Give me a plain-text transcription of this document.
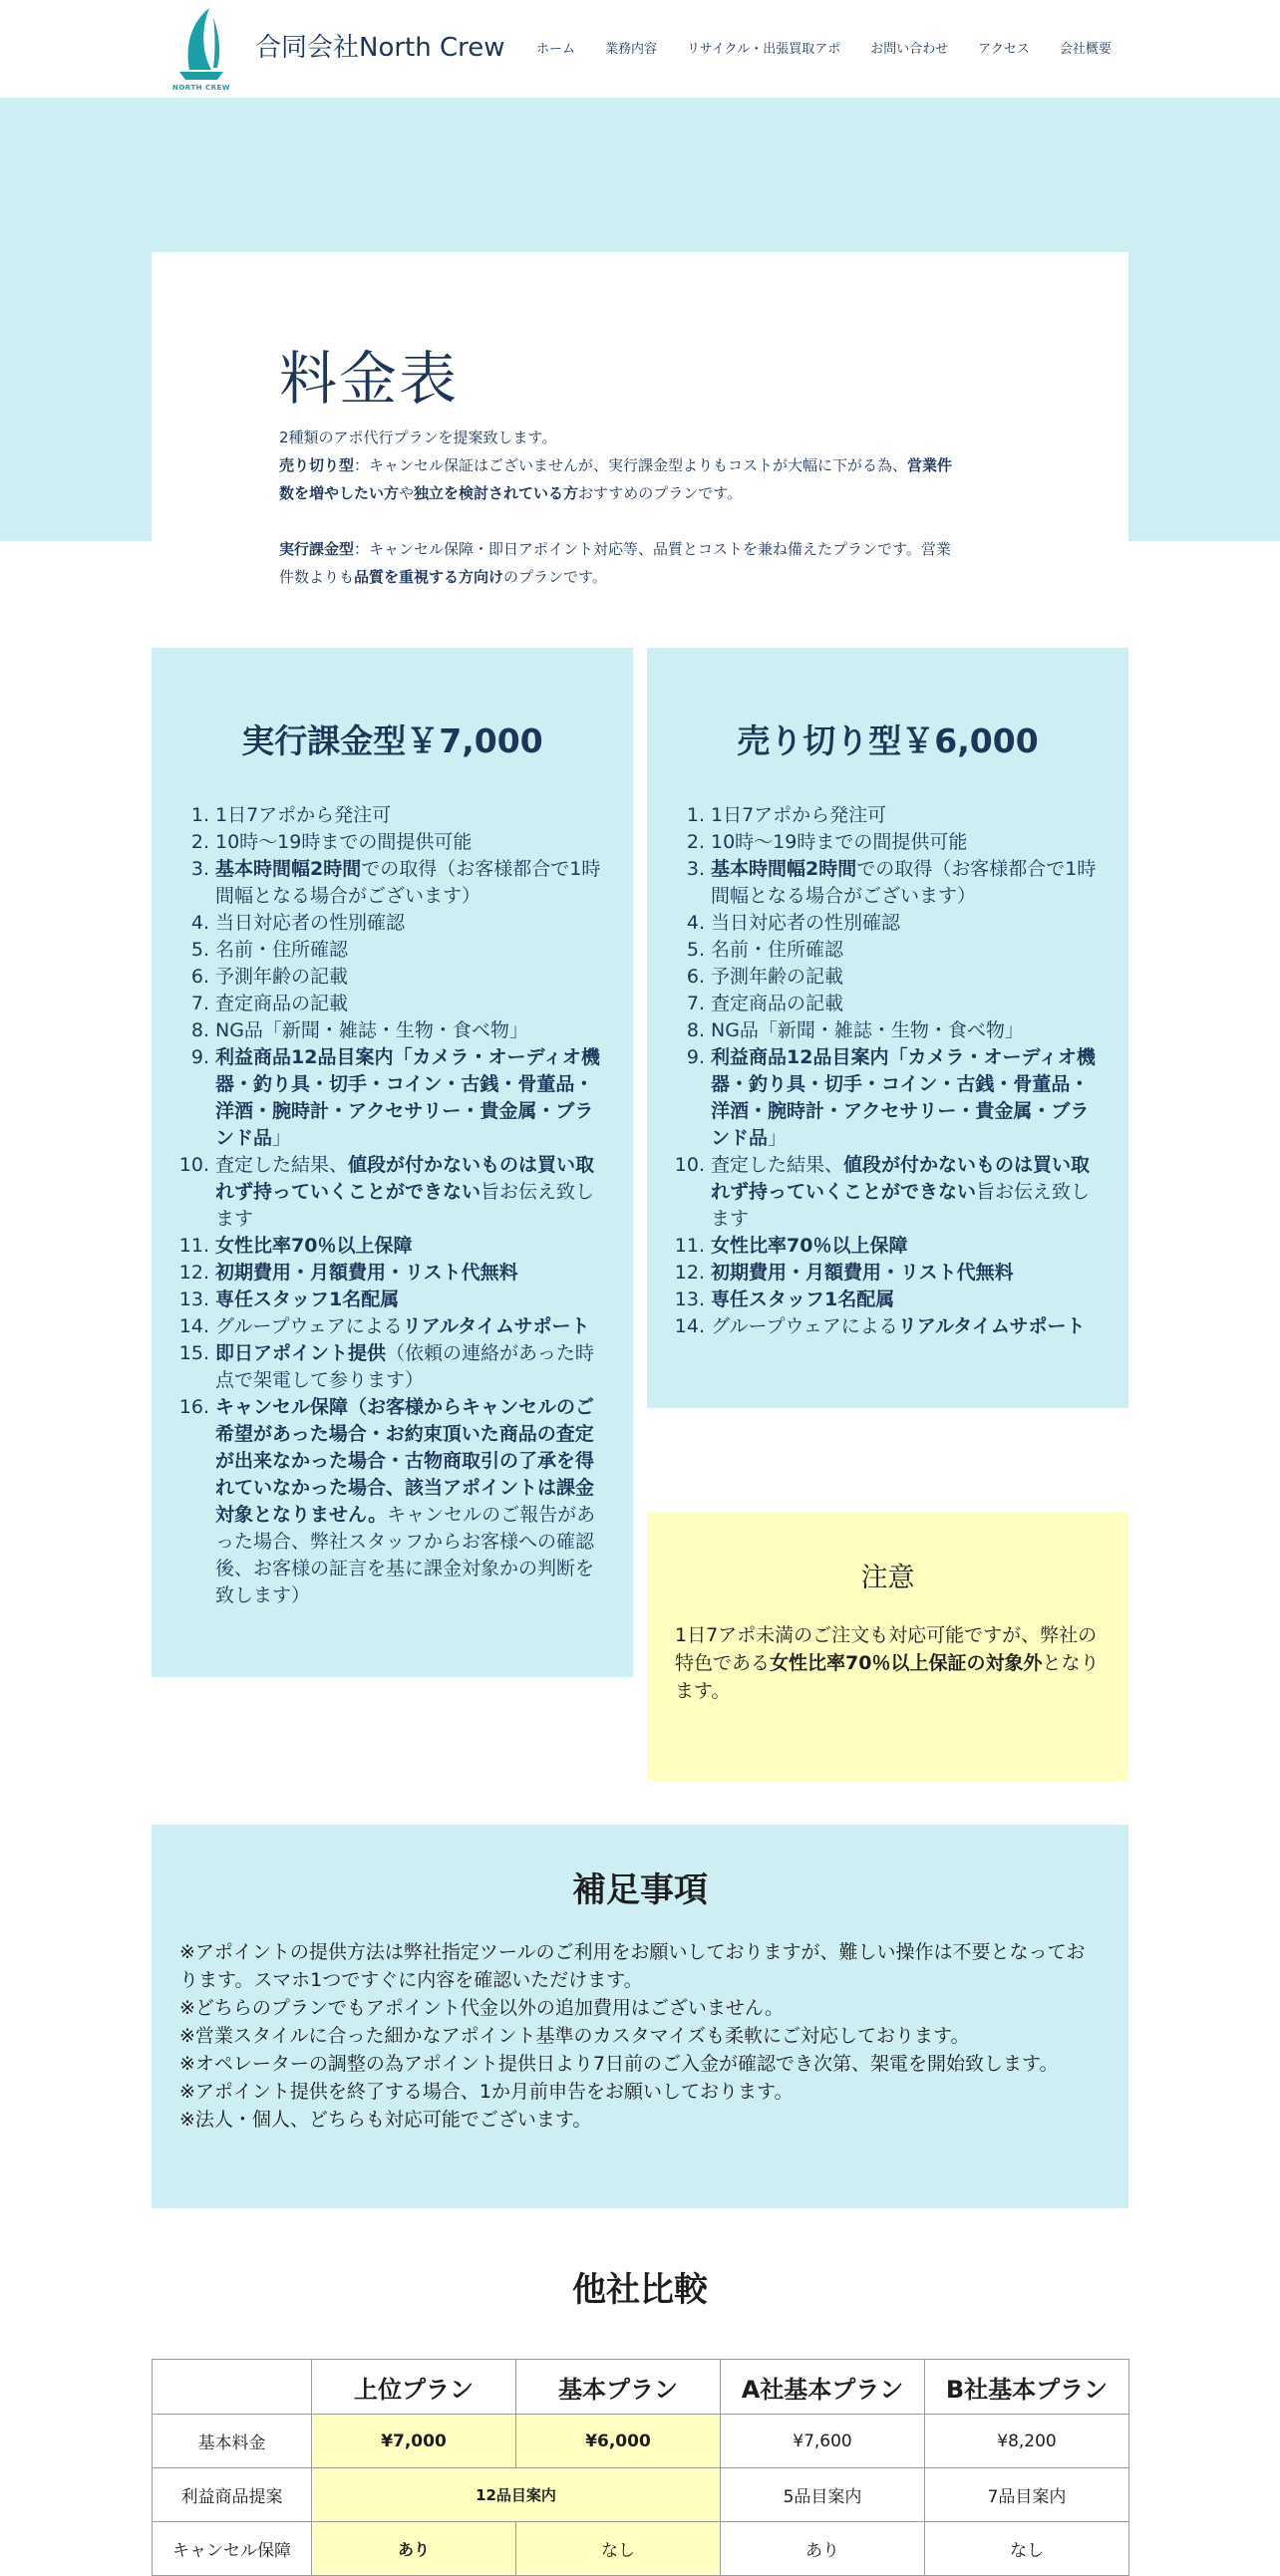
NORTH CREW
合同会社North Crew ホーム 業務内容 リサイクル・出張買取アポ お問い合わせ アクセス 会社概要
料金表
2種類のアポ代行プランを提案致します。
売り切り型：キャンセル保証はございませんが、実行課金型よりもコストが大幅に下がる為、営業件数を増やしたい方や独立を検討されている方おすすめのプランです。
実行課金型：キャンセル保障・即日アポイント対応等、品質とコストを兼ね備えたプランです。営業件数よりも品質を重視する方向けのプランです。
実行課金型￥7,000
1. 1日7アポから発注可
2. 10時～19時までの間提供可能
3. 基本時間幅2時間での取得（お客様都合で1時間幅となる場合がございます）
4. 当日対応者の性別確認
5. 名前・住所確認
6. 予測年齢の記載
7. 査定商品の記載
8. NG品「新聞・雑誌・生物・食べ物」
9. 利益商品12品目案内「カメラ・オーディオ機器・釣り具・切手・コイン・古銭・骨董品・洋酒・腕時計・アクセサリー・貴金属・ブランド品」
10. 査定した結果、値段が付かないものは買い取れず持っていくことができない旨お伝え致します
11. 女性比率70％以上保障
12. 初期費用・月額費用・リスト代無料
13. 専任スタッフ1名配属
14. グループウェアによるリアルタイムサポート
15. 即日アポイント提供（依頼の連絡があった時点で架電して参ります）
16. キャンセル保障（お客様からキャンセルのご希望があった場合・お約束頂いた商品の査定が出来なかった場合・古物商取引の了承を得れていなかった場合、該当アポイントは課金対象となりません。キャンセルのご報告があった場合、弊社スタッフからお客様への確認後、お客様の証言を基に課金対象かの判断を致します）
売り切り型￥6,000
1. 1日7アポから発注可
2. 10時～19時までの間提供可能
3. 基本時間幅2時間での取得（お客様都合で1時間幅となる場合がございます）
4. 当日対応者の性別確認
5. 名前・住所確認
6. 予測年齢の記載
7. 査定商品の記載
8. NG品「新聞・雑誌・生物・食べ物」
9. 利益商品12品目案内「カメラ・オーディオ機器・釣り具・切手・コイン・古銭・骨董品・洋酒・腕時計・アクセサリー・貴金属・ブランド品」
10. 査定した結果、値段が付かないものは買い取れず持っていくことができない旨お伝え致します
11. 女性比率70％以上保障
12. 初期費用・月額費用・リスト代無料
13. 専任スタッフ1名配属
14. グループウェアによるリアルタイムサポート
注意
1日7アポ未満のご注文も対応可能ですが、弊社の特色である女性比率70％以上保証の対象外となります。
補足事項
※アポイントの提供方法は弊社指定ツールのご利用をお願いしておりますが、難しい操作は不要となっております。スマホ1つですぐに内容を確認いただけます。
※どちらのプランでもアポイント代金以外の追加費用はございません。
※営業スタイルに合った細かなアポイント基準のカスタマイズも柔軟にご対応しております。
※オペレーターの調整の為アポイント提供日より7日前のご入金が確認でき次第、架電を開始致します。
※アポイント提供を終了する場合、1か月前申告をお願いしております。
※法人・個人、どちらも対応可能でございます。
他社比較
	上位プラン	基本プラン	A社基本プラン	B社基本プラン
基本料金	¥7,000	¥6,000	¥7,600	¥8,200
利益商品提案	12品目案内		5品目案内	7品目案内
キャンセル保障	あり	なし	あり	なし
